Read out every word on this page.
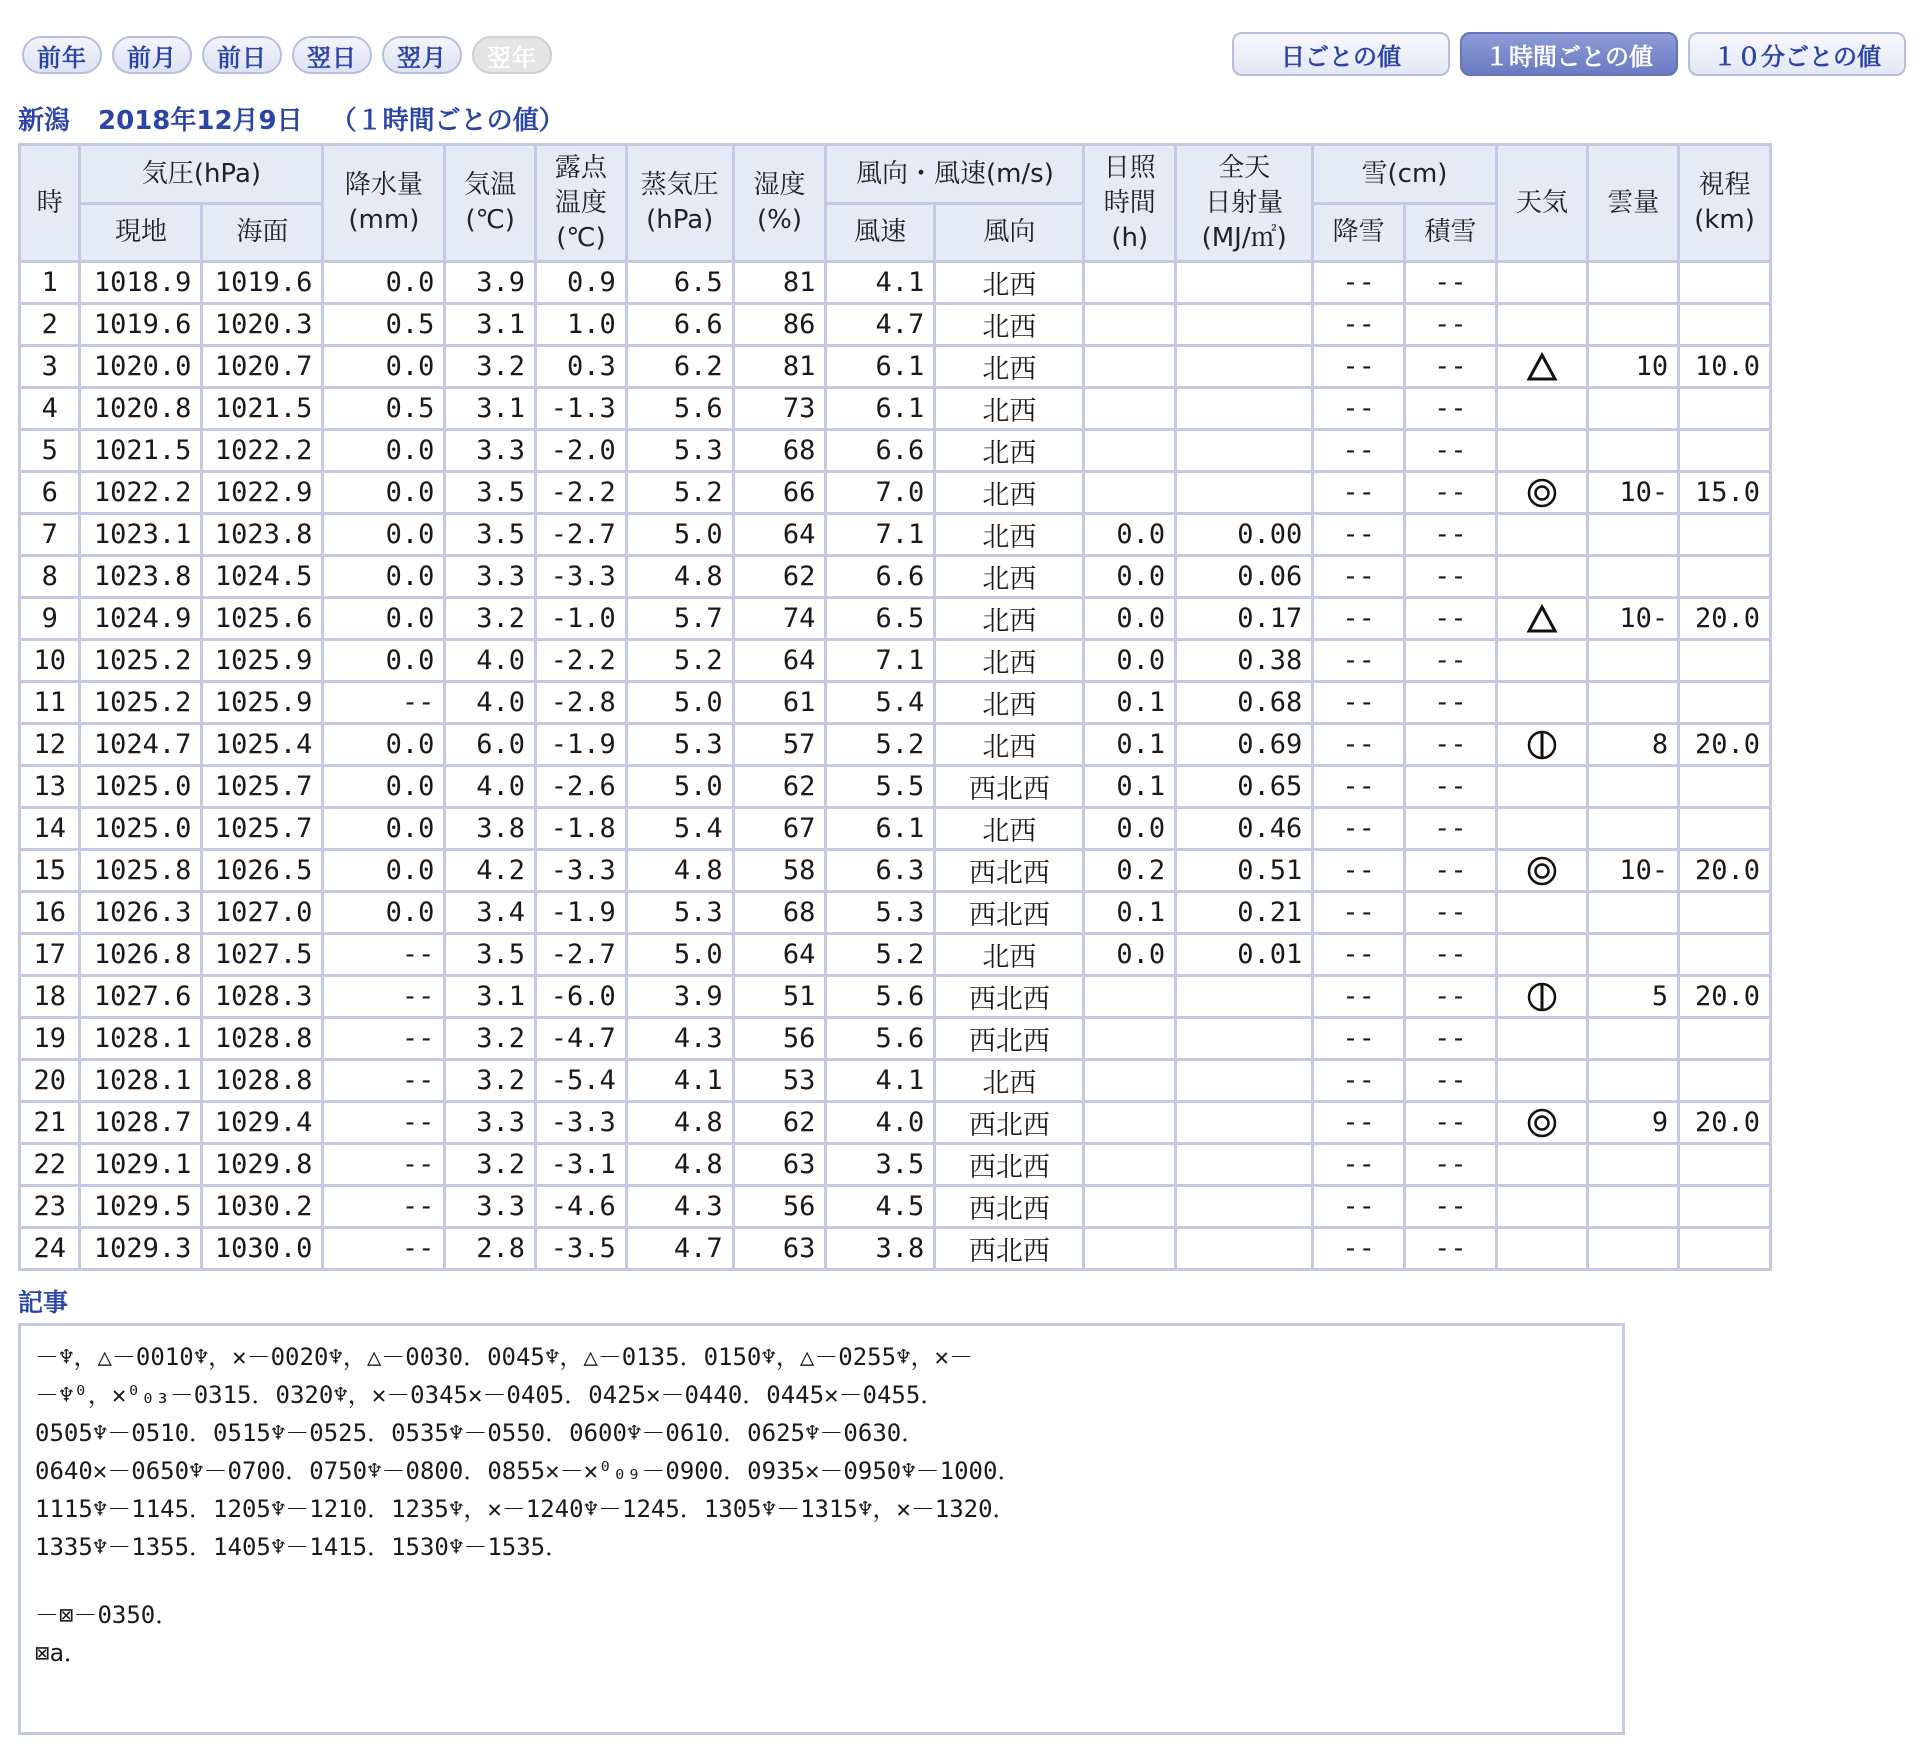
前年	前月	前日	翌日	翌月	翌年	日ごとの値	１時間ごとの値	１０分ごとの値
新潟 2018年12月9日 （１時間ごとの値）
時	気圧(hPa)		降水量
(mm)	気温
(℃)	露点
温度
(℃)	蒸気圧
(hPa)	湿度
(%)	風向・風速(m/s)		日照
時間
(h)	全天
日射量
(MJ/㎡)	雪(cm)		天気	雲量	視程
(km)
	現地	海面						風速	風向			降雪	積雪			
1	1018.9	1019.6	0.0	3.9	0.9	6.5	81	4.1	北西			--	--			
2	1019.6	1020.3	0.5	3.1	1.0	6.6	86	4.7	北西			--	--			
3	1020.0	1020.7	0.0	3.2	0.3	6.2	81	6.1	北西			--	--		10	10.0
4	1020.8	1021.5	0.5	3.1	-1.3	5.6	73	6.1	北西			--	--			
5	1021.5	1022.2	0.0	3.3	-2.0	5.3	68	6.6	北西			--	--			
6	1022.2	1022.9	0.0	3.5	-2.2	5.2	66	7.0	北西			--	--		10-	15.0
7	1023.1	1023.8	0.0	3.5	-2.7	5.0	64	7.1	北西	0.0	0.00	--	--			
8	1023.8	1024.5	0.0	3.3	-3.3	4.8	62	6.6	北西	0.0	0.06	--	--			
9	1024.9	1025.6	0.0	3.2	-1.0	5.7	74	6.5	北西	0.0	0.17	--	--		10-	20.0
10	1025.2	1025.9	0.0	4.0	-2.2	5.2	64	7.1	北西	0.0	0.38	--	--			
11	1025.2	1025.9	--	4.0	-2.8	5.0	61	5.4	北西	0.1	0.68	--	--			
12	1024.7	1025.4	0.0	6.0	-1.9	5.3	57	5.2	北西	0.1	0.69	--	--		8	20.0
13	1025.0	1025.7	0.0	4.0	-2.6	5.0	62	5.5	西北西	0.1	0.65	--	--			
14	1025.0	1025.7	0.0	3.8	-1.8	5.4	67	6.1	北西	0.0	0.46	--	--			
15	1025.8	1026.5	0.0	4.2	-3.3	4.8	58	6.3	西北西	0.2	0.51	--	--		10-	20.0
16	1026.3	1027.0	0.0	3.4	-1.9	5.3	68	5.3	西北西	0.1	0.21	--	--			
17	1026.8	1027.5	--	3.5	-2.7	5.0	64	5.2	北西	0.0	0.01	--	--			
18	1027.6	1028.3	--	3.1	-6.0	3.9	51	5.6	西北西			--	--		5	20.0
19	1028.1	1028.8	--	3.2	-4.7	4.3	56	5.6	西北西			--	--			
20	1028.1	1028.8	--	3.2	-5.4	4.1	53	4.1	北西			--	--			
21	1028.7	1029.4	--	3.3	-3.3	4.8	62	4.0	西北西			--	--		9	20.0
22	1029.1	1029.8	--	3.2	-3.1	4.8	63	3.5	西北西			--	--			
23	1029.5	1030.2	--	3.3	-4.6	4.3	56	4.5	西北西			--	--			
24	1029.3	1030.0	--	2.8	-3.5	4.7	63	3.8	西北西			--	--			
記事
－♆，△－0010♆，✕－0020♆，△－0030．0045♆，△－0135．0150♆，△－0255♆，✕－
－♆⁰，✕⁰₀₃－0315．0320♆，✕－0345✕－0405．0425✕－0440．0445✕－0455．
0505♆－0510．0515♆－0525．0535♆－0550．0600♆－0610．0625♆－0630．
0640✕－0650♆－0700．0750♆－0800．0855✕－✕⁰₀₉－0900．0935✕－0950♆－1000．
1115♆－1145．1205♆－1210．1235♆，✕－1240♆－1245．1305♆－1315♆，✕－1320．
1335♆－1355．1405♆－1415．1530♆－1535．
－⊠－0350．
⊠a．
